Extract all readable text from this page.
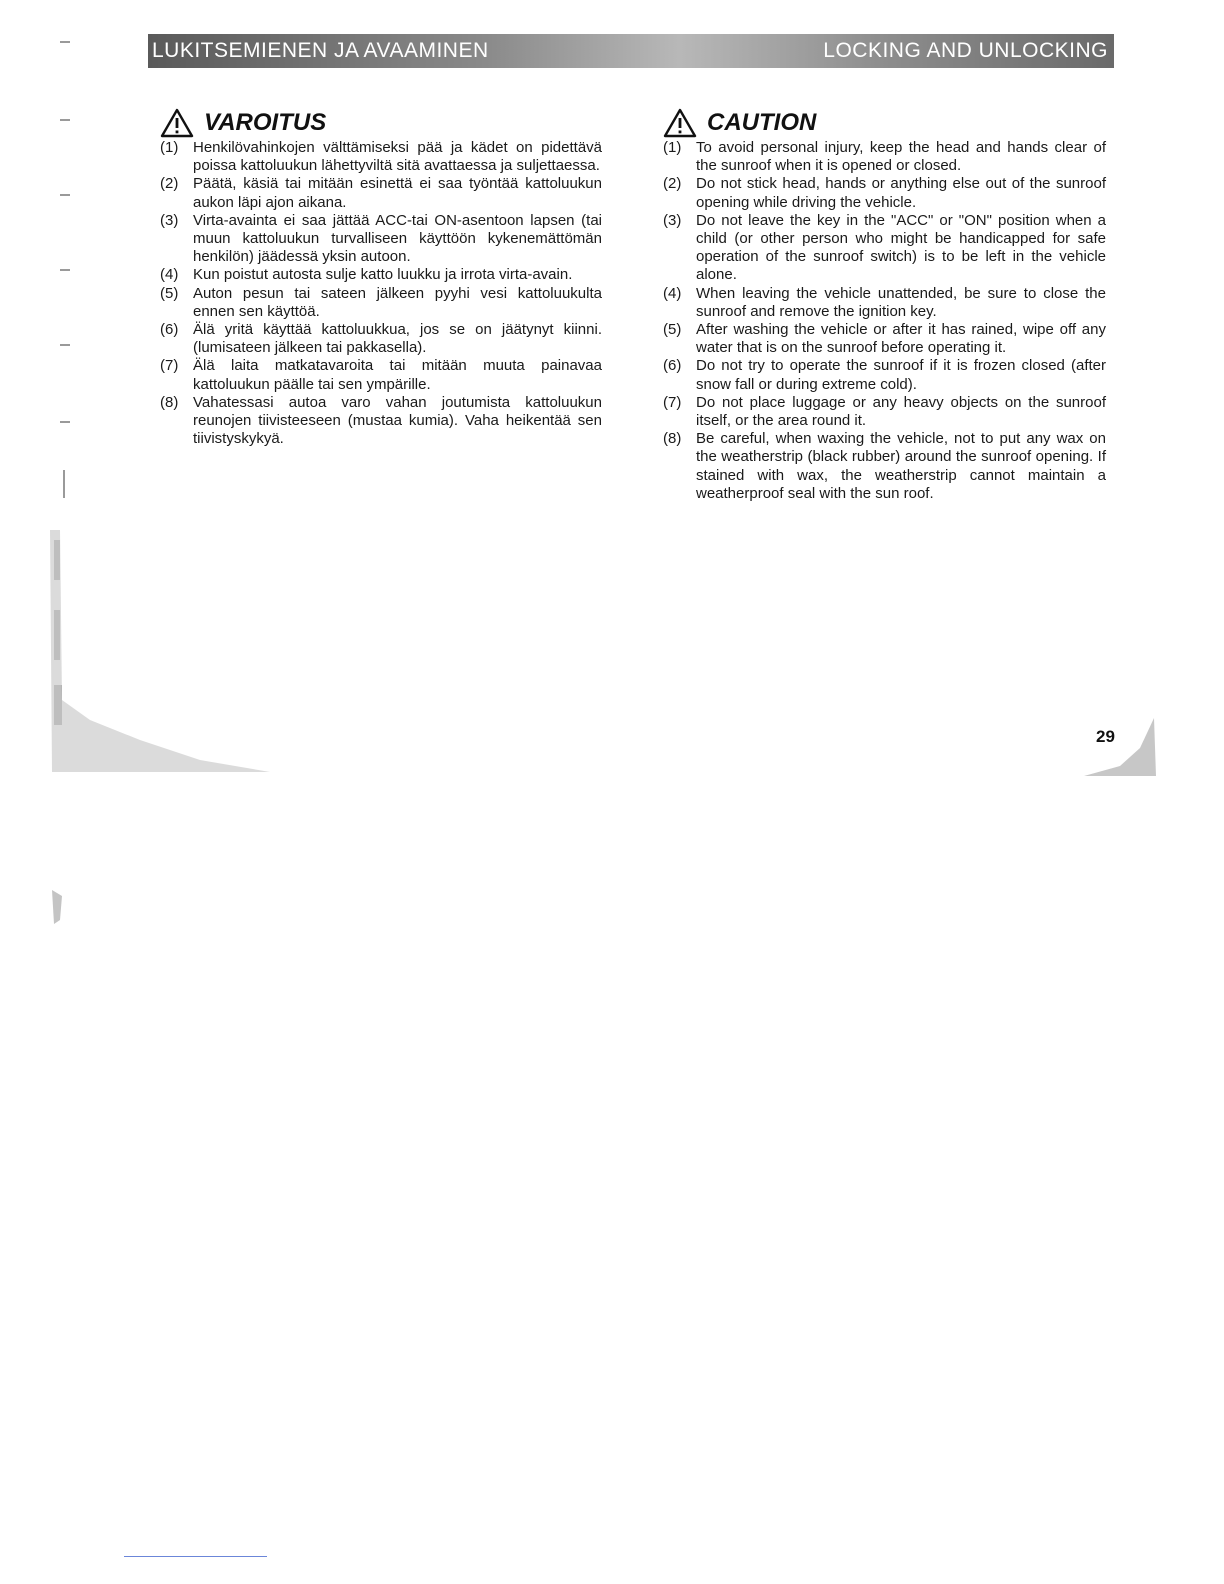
LUKITSEMIENEN JA AVAAMINEN	LOCKING AND UNLOCKING
VAROITUS
(1) Henkilövahinkojen välttämiseksi pää ja kädet on pidettävä poissa kattoluukun lähettyviltä sitä avattaessa ja suljettaessa.
(2) Päätä, käsiä tai mitään esinettä ei saa työntää kattoluukun aukon läpi ajon aikana.
(3) Virta-avainta ei saa jättää ACC-tai ON-asentoon lapsen (tai muun kattoluukun turvalliseen käyttöön kykenemättömän henkilön) jäädessä yksin autoon.
(4) Kun poistut autosta sulje katto luukku ja irrota virta-avain.
(5) Auton pesun tai sateen jälkeen pyyhi vesi kattoluukulta ennen sen käyttöä.
(6) Älä yritä käyttää kattoluukkua, jos se on jäätynyt kiinni.(lumisateen jälkeen tai pakkasella).
(7) Älä laita matkatavaroita tai mitään muuta painavaa kattoluukun päälle tai sen ympärille.
(8) Vahatessasi autoa varo vahan joutumista kattoluukun reunojen tiivisteeseen (mustaa kumia). Vaha heikentää sen tiivistyskykyä.
CAUTION
(1) To avoid personal injury, keep the head and hands clear of the sunroof when it is opened or closed.
(2) Do not stick head, hands or anything else out of the sunroof opening while driving the vehicle.
(3) Do not leave the key in the "ACC" or "ON" position when a child (or other person who might be handicapped for safe operation of the sunroof switch) is to be left in the vehicle alone.
(4) When leaving the vehicle unattended, be sure to close the sunroof and remove the ignition key.
(5) After washing the vehicle or after it has rained, wipe off any water that is on the sunroof before operating it.
(6) Do not try to operate the sunroof if it is frozen closed (after snow fall or during extreme cold).
(7) Do not place luggage or any heavy objects on the sunroof itself, or the area round it.
(8) Be careful, when waxing the vehicle, not to put any wax on the weatherstrip (black rubber) around the sunroof opening. If stained with wax, the weatherstrip cannot maintain a weatherproof seal with the sun roof.
29
